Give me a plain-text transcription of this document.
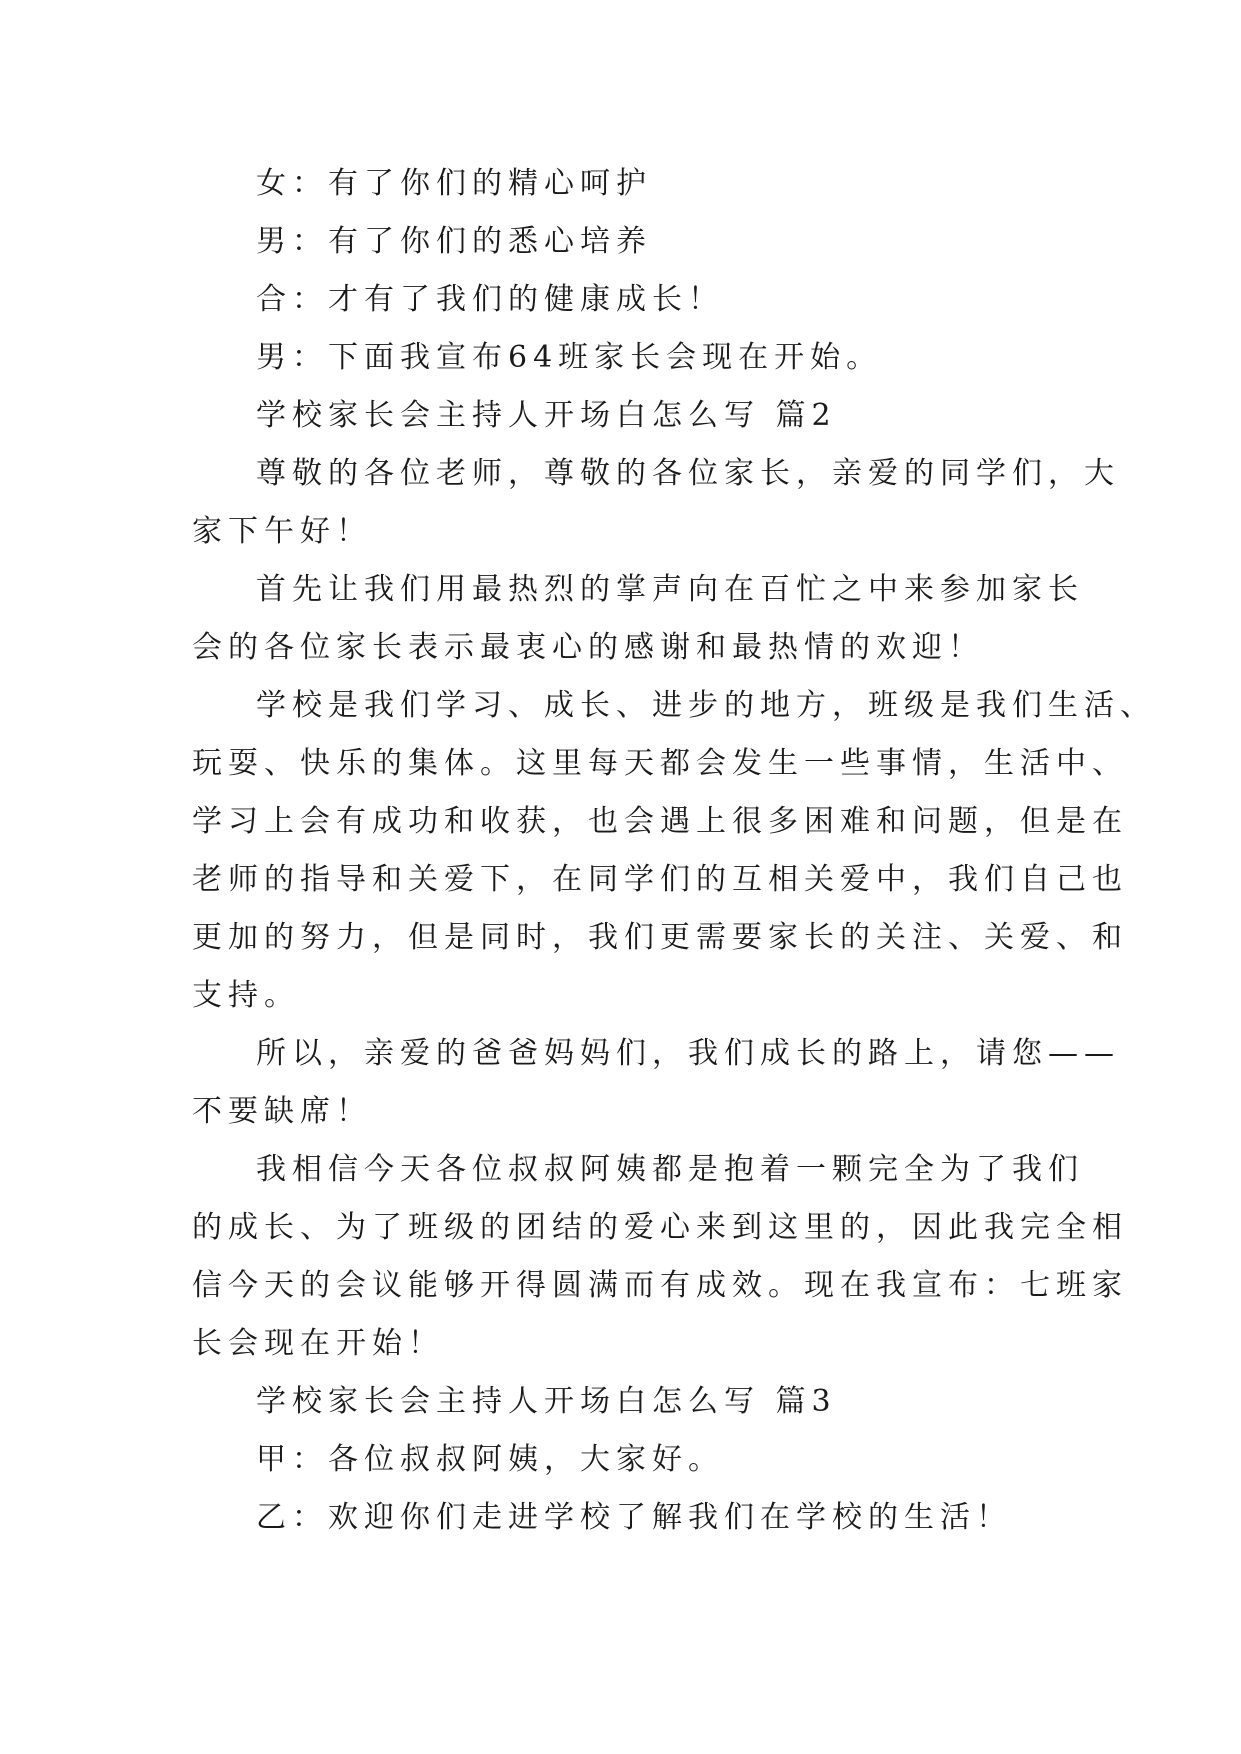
女：有了你们的精心呵护

男：有了你们的悉心培养

合：才有了我们的健康成长！

男：下面我宣布64班家长会现在开始。

学校家长会主持人开场白怎么写 篇2

尊敬的各位老师，尊敬的各位家长，亲爱的同学们，大
家下午好！
首先让我们用最热烈的掌声向在百忙之中来参加家长
会的各位家长表示最衷心的感谢和最热情的欢迎！
学校是我们学习、成长、进步的地方，班级是我们生活、
玩耍、快乐的集体。这里每天都会发生一些事情，生活中、
学习上会有成功和收获，也会遇上很多困难和问题，但是在
老师的指导和关爱下，在同学们的互相关爱中，我们自己也
更加的努力，但是同时，我们更需要家长的关注、关爱、和
支持。
所以，亲爱的爸爸妈妈们，我们成长的路上，请您——
不要缺席！
我相信今天各位叔叔阿姨都是抱着一颗完全为了我们
的成长、为了班级的团结的爱心来到这里的，因此我完全相
信今天的会议能够开得圆满而有成效。现在我宣布：七班家
长会现在开始！

学校家长会主持人开场白怎么写 篇3

甲：各位叔叔阿姨，大家好。

乙：欢迎你们走进学校了解我们在学校的生活！
